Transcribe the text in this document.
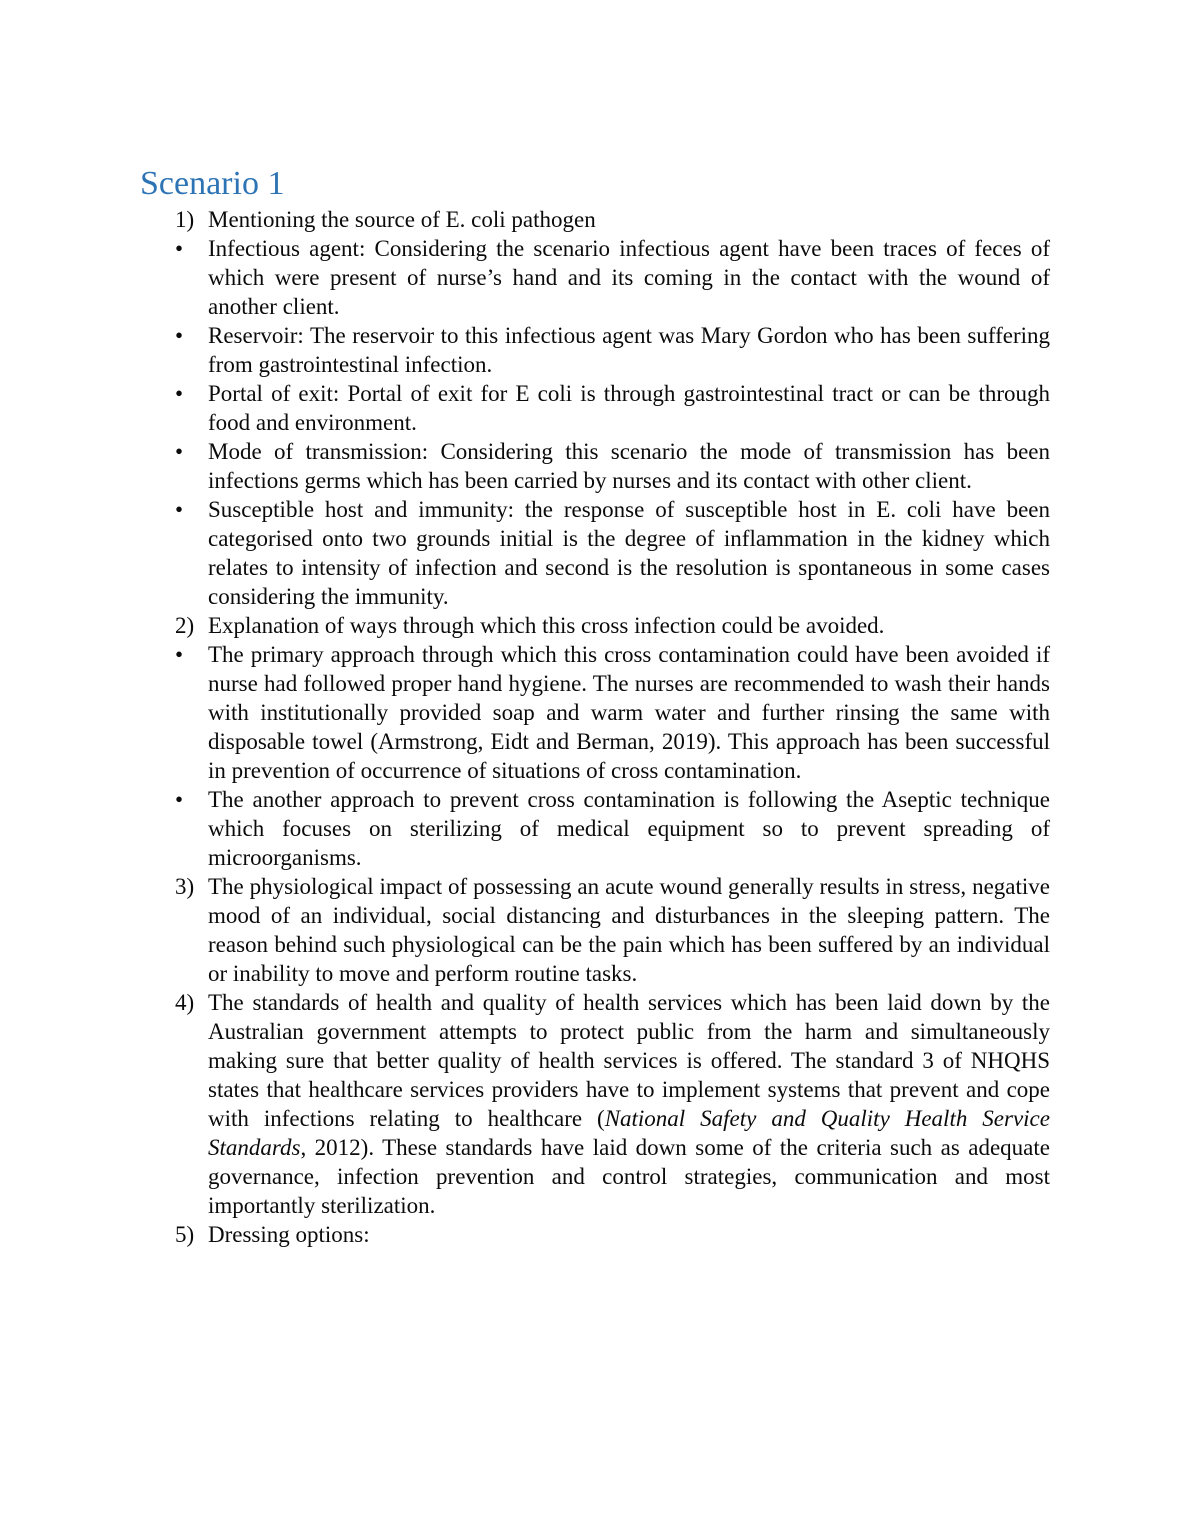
Scenario 1
1) Mentioning the source of E. coli pathogen
•	Infectious agent: Considering the scenario infectious agent have been traces of feces of which were present of nurse’s hand and its coming in the contact with the wound of another client.
•	Reservoir: The reservoir to this infectious agent was Mary Gordon who has been suffering from gastrointestinal infection.
•	Portal of exit: Portal of exit for E coli is through gastrointestinal tract or can be through food and environment.
•	Mode of transmission: Considering this scenario the mode of transmission has been infections germs which has been carried by nurses and its contact with other client.
•	Susceptible host and immunity: the response of susceptible host in E. coli have been categorised onto two grounds initial is the degree of inflammation in the kidney which relates to intensity of infection and second is the resolution is spontaneous in some cases considering the immunity.
2) Explanation of ways through which this cross infection could be avoided.
•	The primary approach through which this cross contamination could have been avoided if nurse had followed proper hand hygiene. The nurses are recommended to wash their hands with institutionally provided soap and warm water and further rinsing the same with disposable towel (Armstrong, Eidt and Berman, 2019). This approach has been successful in prevention of occurrence of situations of cross contamination.
•	The another approach to prevent cross contamination is following the Aseptic technique which focuses on sterilizing of medical equipment so to prevent spreading of microorganisms.
3) The physiological impact of possessing an acute wound generally results in stress, negative mood of an individual, social distancing and disturbances in the sleeping pattern. The reason behind such physiological can be the pain which has been suffered by an individual or inability to move and perform routine tasks.
4) The standards of health and quality of health services which has been laid down by the Australian government attempts to protect public from the harm and simultaneously making sure that better quality of health services is offered. The standard 3 of NHQHS states that healthcare services providers have to implement systems that prevent and cope with infections relating to healthcare (National Safety and Quality Health Service Standards, 2012). These standards have laid down some of the criteria such as adequate governance, infection prevention and control strategies, communication and most importantly sterilization.
5) Dressing options:
